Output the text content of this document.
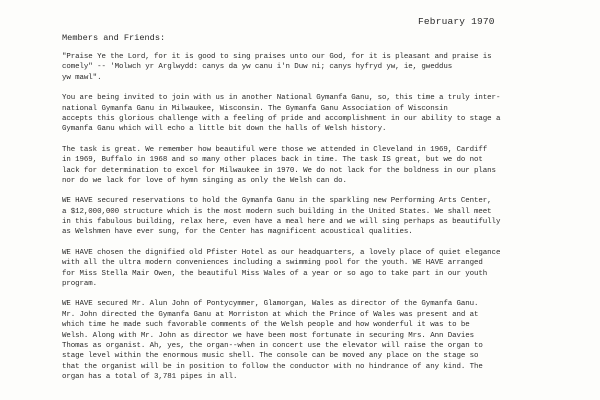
February 1970
Members and Friends:
"Praise Ye the Lord, for it is good to sing praises unto our God, for it is pleasant and praise is
comely" -- 'Molwch yr Arglwydd: canys da yw canu i'n Duw ni; canys hyfryd yw, ie, gweddus
yw mawl".
You are being invited to join with us in another National Gymanfa Ganu, so, this time a truly inter-
national Gymanfa Ganu in Milwaukee, Wisconsin. The Gymanfa Ganu Association of Wisconsin
accepts this glorious challenge with a feeling of pride and accomplishment in our ability to stage a
Gymanfa Ganu which will echo a little bit down the halls of Welsh history.
The task is great. We remember how beautiful were those we attended in Cleveland in 1969, Cardiff
in 1969, Buffalo in 1968 and so many other places back in time. The task IS great, but we do not
lack for determination to excel for Milwaukee in 1970. We do not lack for the boldness in our plans
nor do we lack for love of hymn singing as only the Welsh can do.
WE HAVE secured reservations to hold the Gymanfa Ganu in the sparkling new Performing Arts Center,
a $12,000,000 structure which is the most modern such building in the United States. We shall meet
in this fabulous building, relax here, even have a meal here and we will sing perhaps as beautifully
as Welshmen have ever sung, for the Center has magnificent acoustical qualities.
WE HAVE chosen the dignified old Pfister Hotel as our headquarters, a lovely place of quiet elegance
with all the ultra modern conveniences including a swimming pool for the youth. WE HAVE arranged
for Miss Stella Mair Owen, the beautiful Miss Wales of a year or so ago to take part in our youth
program.
WE HAVE secured Mr. Alun John of Pontycymmer, Glamorgan, Wales as director of the Gymanfa Ganu.
Mr. John directed the Gymanfa Ganu at Morriston at which the Prince of Wales was present and at
which time he made such favorable comments of the Welsh people and how wonderful it was to be
Welsh. Along with Mr. John as director we have been most fortunate in securing Mrs. Ann Davies
Thomas as organist. Ah, yes, the organ--when in concert use the elevator will raise the organ to
stage level within the enormous music shell. The console can be moved any place on the stage so
that the organist will be in position to follow the conductor with no hindrance of any kind. The
organ has a total of 3,781 pipes in all.
